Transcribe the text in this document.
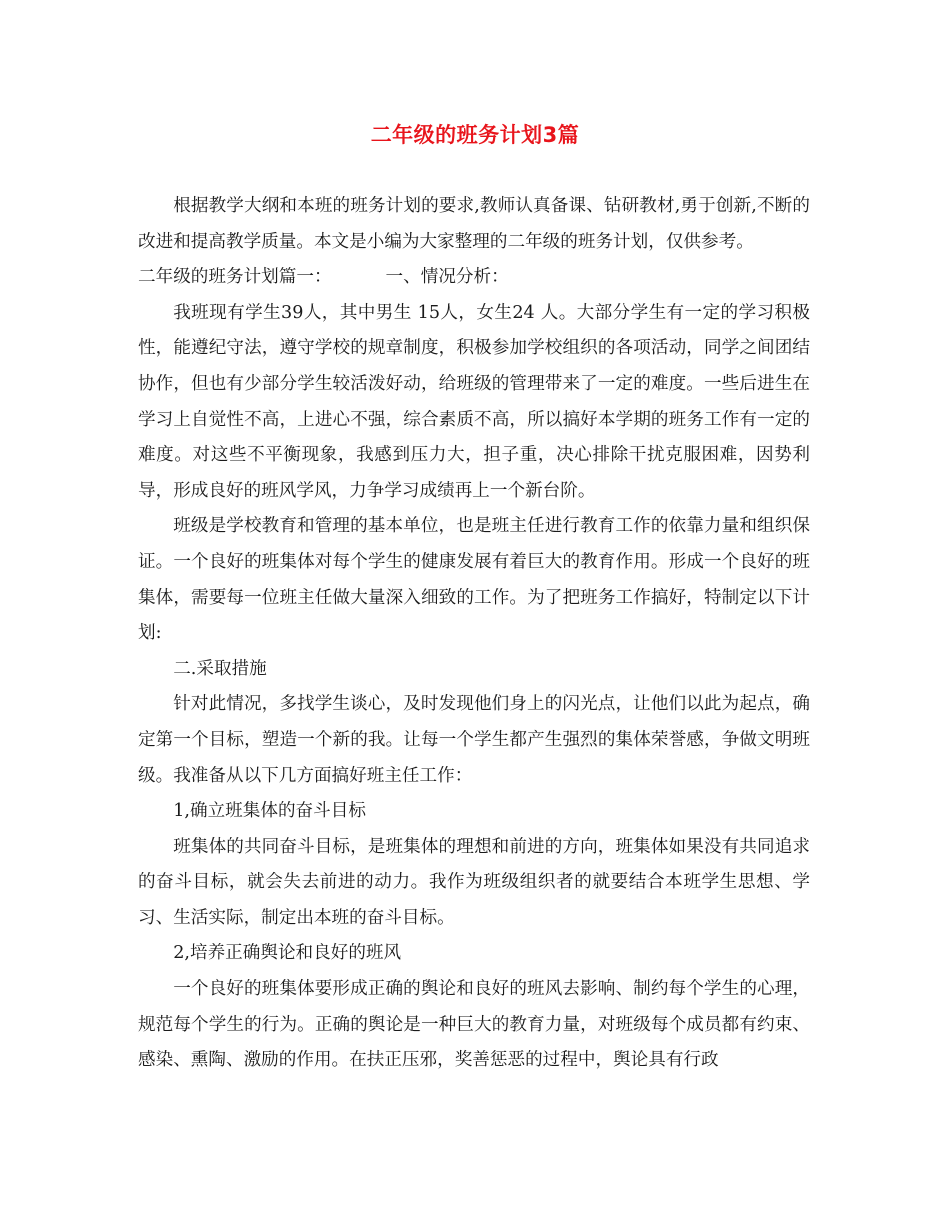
二年级的班务计划3篇

根据教学大纲和本班的班务计划的要求,教师认真备课、钻研教材,勇于创新,不断的改进和提高教学质量。本文是小编为大家整理的二年级的班务计划，仅供参考。

二年级的班务计划篇一：	一、情况分析：

我班现有学生39人，其中男生 15人，女生24 人。大部分学生有一定的学习积极性，能遵纪守法，遵守学校的规章制度，积极参加学校组织的各项活动，同学之间团结协作，但也有少部分学生较活泼好动，给班级的管理带来了一定的难度。一些后进生在学习上自觉性不高，上进心不强，综合素质不高，所以搞好本学期的班务工作有一定的难度。对这些不平衡现象，我感到压力大，担子重，决心排除干扰克服困难，因势利导，形成良好的班风学风，力争学习成绩再上一个新台阶。

班级是学校教育和管理的基本单位，也是班主任进行教育工作的依靠力量和组织保证。一个良好的班集体对每个学生的健康发展有着巨大的教育作用。形成一个良好的班集体，需要每一位班主任做大量深入细致的工作。为了把班务工作搞好，特制定以下计划:

二.采取措施

针对此情况，多找学生谈心，及时发现他们身上的闪光点，让他们以此为起点，确定第一个目标，塑造一个新的我。让每一个学生都产生强烈的集体荣誉感，争做文明班级。我准备从以下几方面搞好班主任工作：

1,确立班集体的奋斗目标

班集体的共同奋斗目标，是班集体的理想和前进的方向，班集体如果没有共同追求的奋斗目标，就会失去前进的动力。我作为班级组织者的就要结合本班学生思想、学习、生活实际，制定出本班的奋斗目标。

2,培养正确舆论和良好的班风

一个良好的班集体要形成正确的舆论和良好的班风去影响、制约每个学生的心理，规范每个学生的行为。正确的舆论是一种巨大的教育力量，对班级每个成员都有约束、感染、熏陶、激励的作用。在扶正压邪，奖善惩恶的过程中，舆论具有行政
